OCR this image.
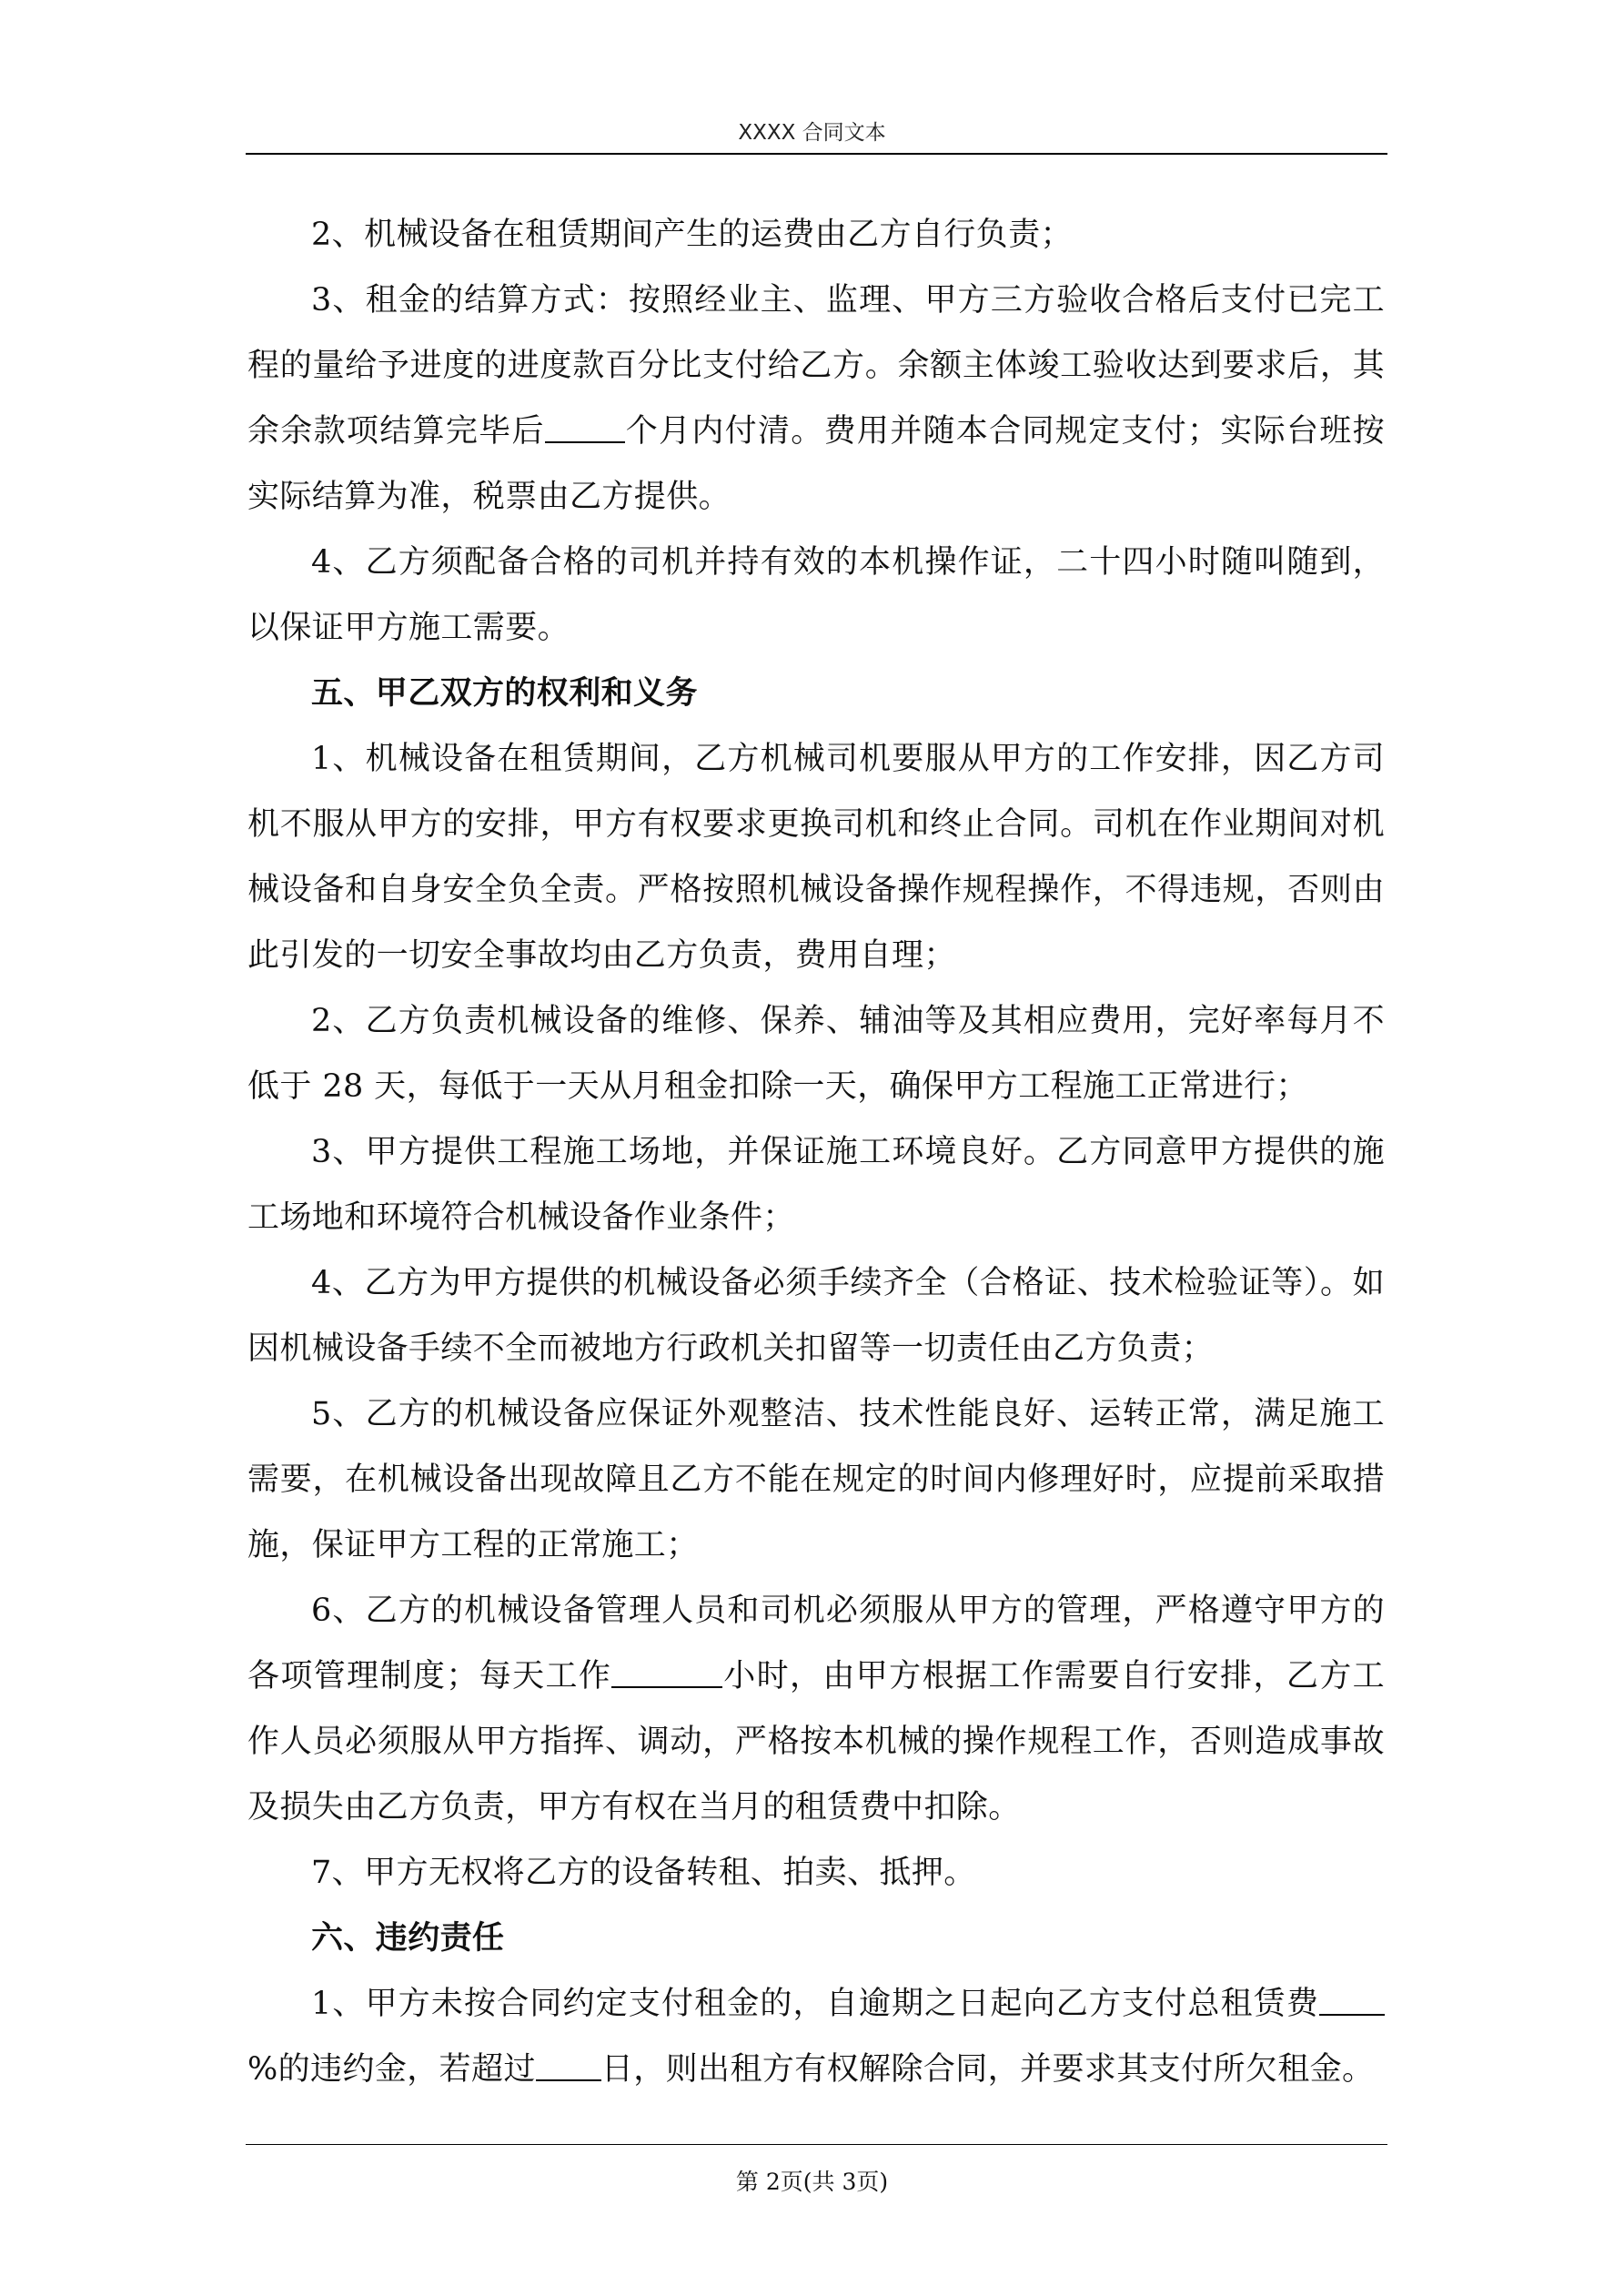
XXXX 合同文本

2、机械设备在租赁期间产生的运费由乙方自行负责；

3、租金的结算方式：按照经业主、监理、甲方三方验收合格后支付已完工程的量给予进度的进度款百分比支付给乙方。余额主体竣工验收达到要求后，其余余款项结算完毕后	个月内付清。费用并随本合同规定支付；实际台班按实际结算为准，税票由乙方提供。

4、乙方须配备合格的司机并持有效的本机操作证，二十四小时随叫随到，以保证甲方施工需要。

五、甲乙双方的权利和义务

1、机械设备在租赁期间，乙方机械司机要服从甲方的工作安排，因乙方司机不服从甲方的安排，甲方有权要求更换司机和终止合同。司机在作业期间对机械设备和自身安全负全责。严格按照机械设备操作规程操作，不得违规，否则由此引发的一切安全事故均由乙方负责，费用自理；

2、乙方负责机械设备的维修、保养、辅油等及其相应费用，完好率每月不低于 28 天，每低于一天从月租金扣除一天，确保甲方工程施工正常进行；

3、甲方提供工程施工场地，并保证施工环境良好。乙方同意甲方提供的施工场地和环境符合机械设备作业条件；

4、乙方为甲方提供的机械设备必须手续齐全（合格证、技术检验证等）。如因机械设备手续不全而被地方行政机关扣留等一切责任由乙方负责；

5、乙方的机械设备应保证外观整洁、技术性能良好、运转正常，满足施工需要，在机械设备出现故障且乙方不能在规定的时间内修理好时，应提前采取措施，保证甲方工程的正常施工；

6、乙方的机械设备管理人员和司机必须服从甲方的管理，严格遵守甲方的各项管理制度；每天工作	小时，由甲方根据工作需要自行安排，乙方工作人员必须服从甲方指挥、调动，严格按本机械的操作规程工作，否则造成事故及损失由乙方负责，甲方有权在当月的租赁费中扣除。

7、甲方无权将乙方的设备转租、拍卖、抵押。

六、违约责任

1、甲方未按合同约定支付租金的，自逾期之日起向乙方支付总租赁费%的违约金，若超过 日，则出租方有权解除合同，并要求其支付所欠租金。

第 2页(共 3页)
